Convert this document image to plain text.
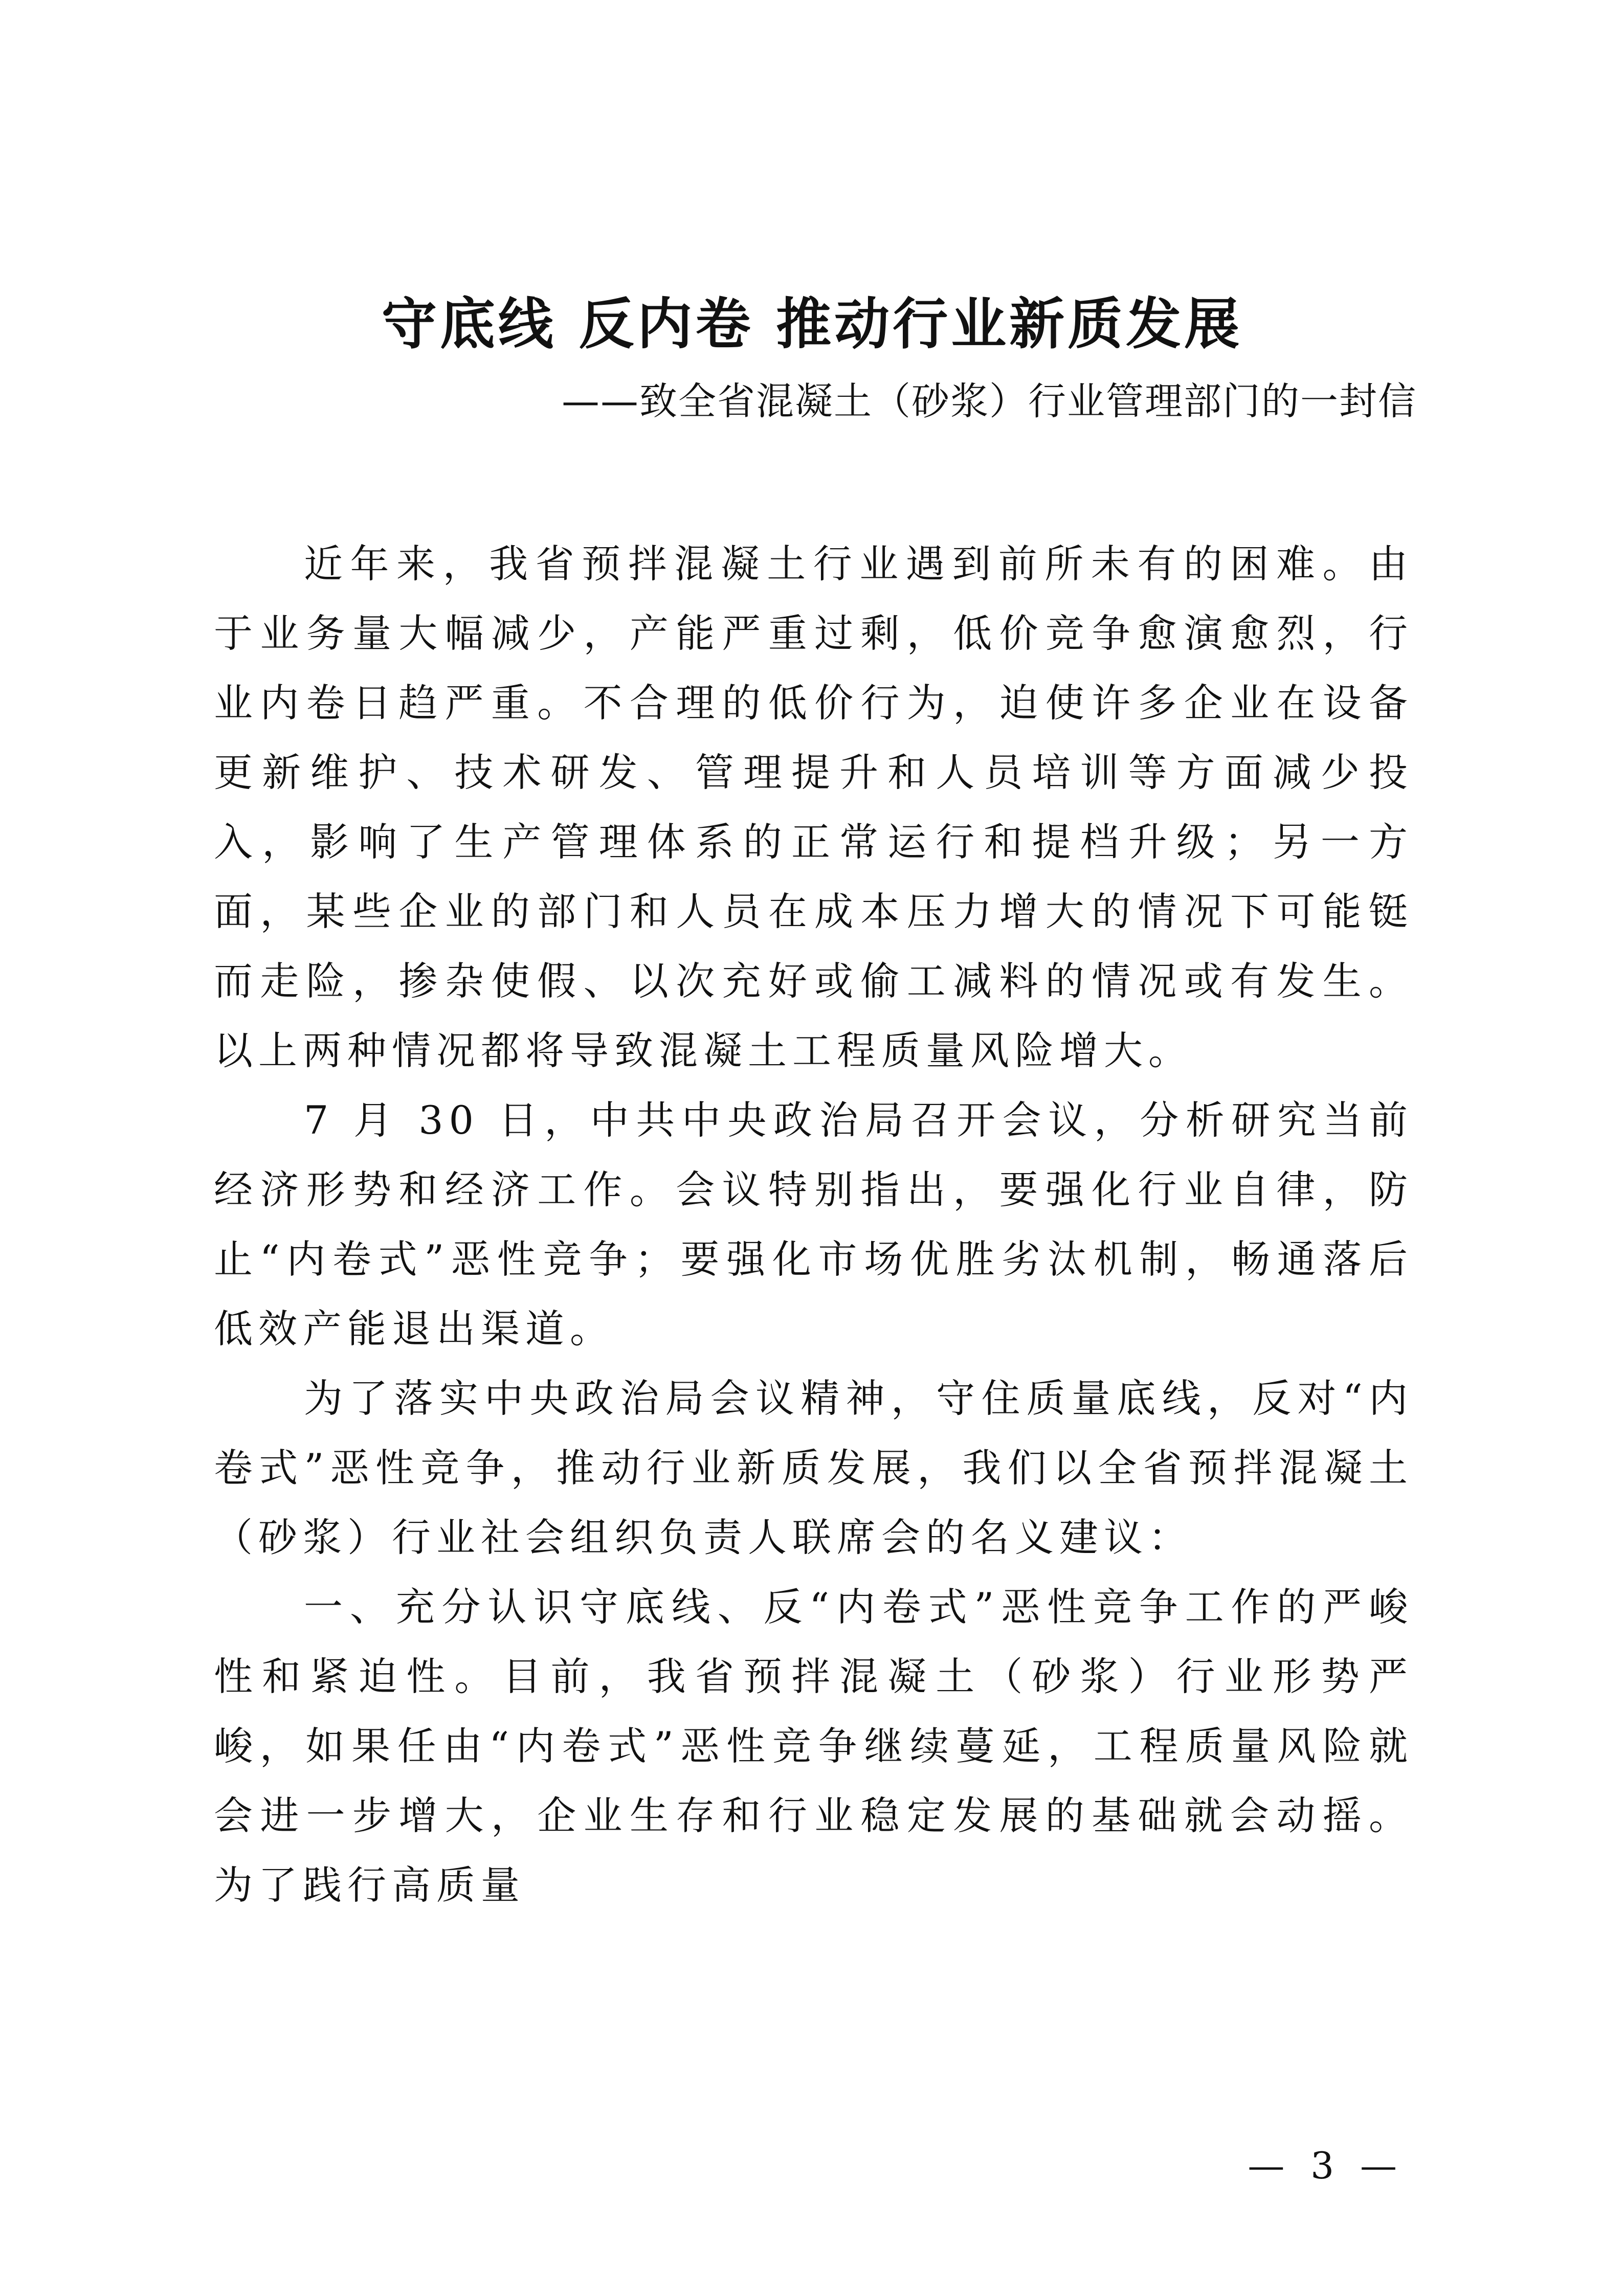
守底线 反内卷 推动行业新质发展

——致全省混凝土（砂浆）行业管理部门的一封信

近年来，我省预拌混凝土行业遇到前所未有的困难。由于业务量大幅减少，产能严重过剩，低价竞争愈演愈烈，行业内卷日趋严重。不合理的低价行为，迫使许多企业在设备更新维护、技术研发、管理提升和人员培训等方面减少投入，影响了生产管理体系的正常运行和提档升级；另一方面，某些企业的部门和人员在成本压力增大的情况下可能铤而走险，掺杂使假、以次充好或偷工减料的情况或有发生。以上两种情况都将导致混凝土工程质量风险增大。

7 月 30 日，中共中央政治局召开会议，分析研究当前经济形势和经济工作。会议特别指出，要强化行业自律，防止“内卷式”恶性竞争；要强化市场优胜劣汰机制，畅通落后低效产能退出渠道。

为了落实中央政治局会议精神，守住质量底线，反对“内卷式”恶性竞争，推动行业新质发展，我们以全省预拌混凝土（砂浆）行业社会组织负责人联席会的名义建议：

一、充分认识守底线、反“内卷式”恶性竞争工作的严峻性和紧迫性。目前，我省预拌混凝土（砂浆）行业形势严峻，如果任由“内卷式”恶性竞争继续蔓延，工程质量风险就会进一步增大，企业生存和行业稳定发展的基础就会动摇。为了践行高质量

— 3 —
